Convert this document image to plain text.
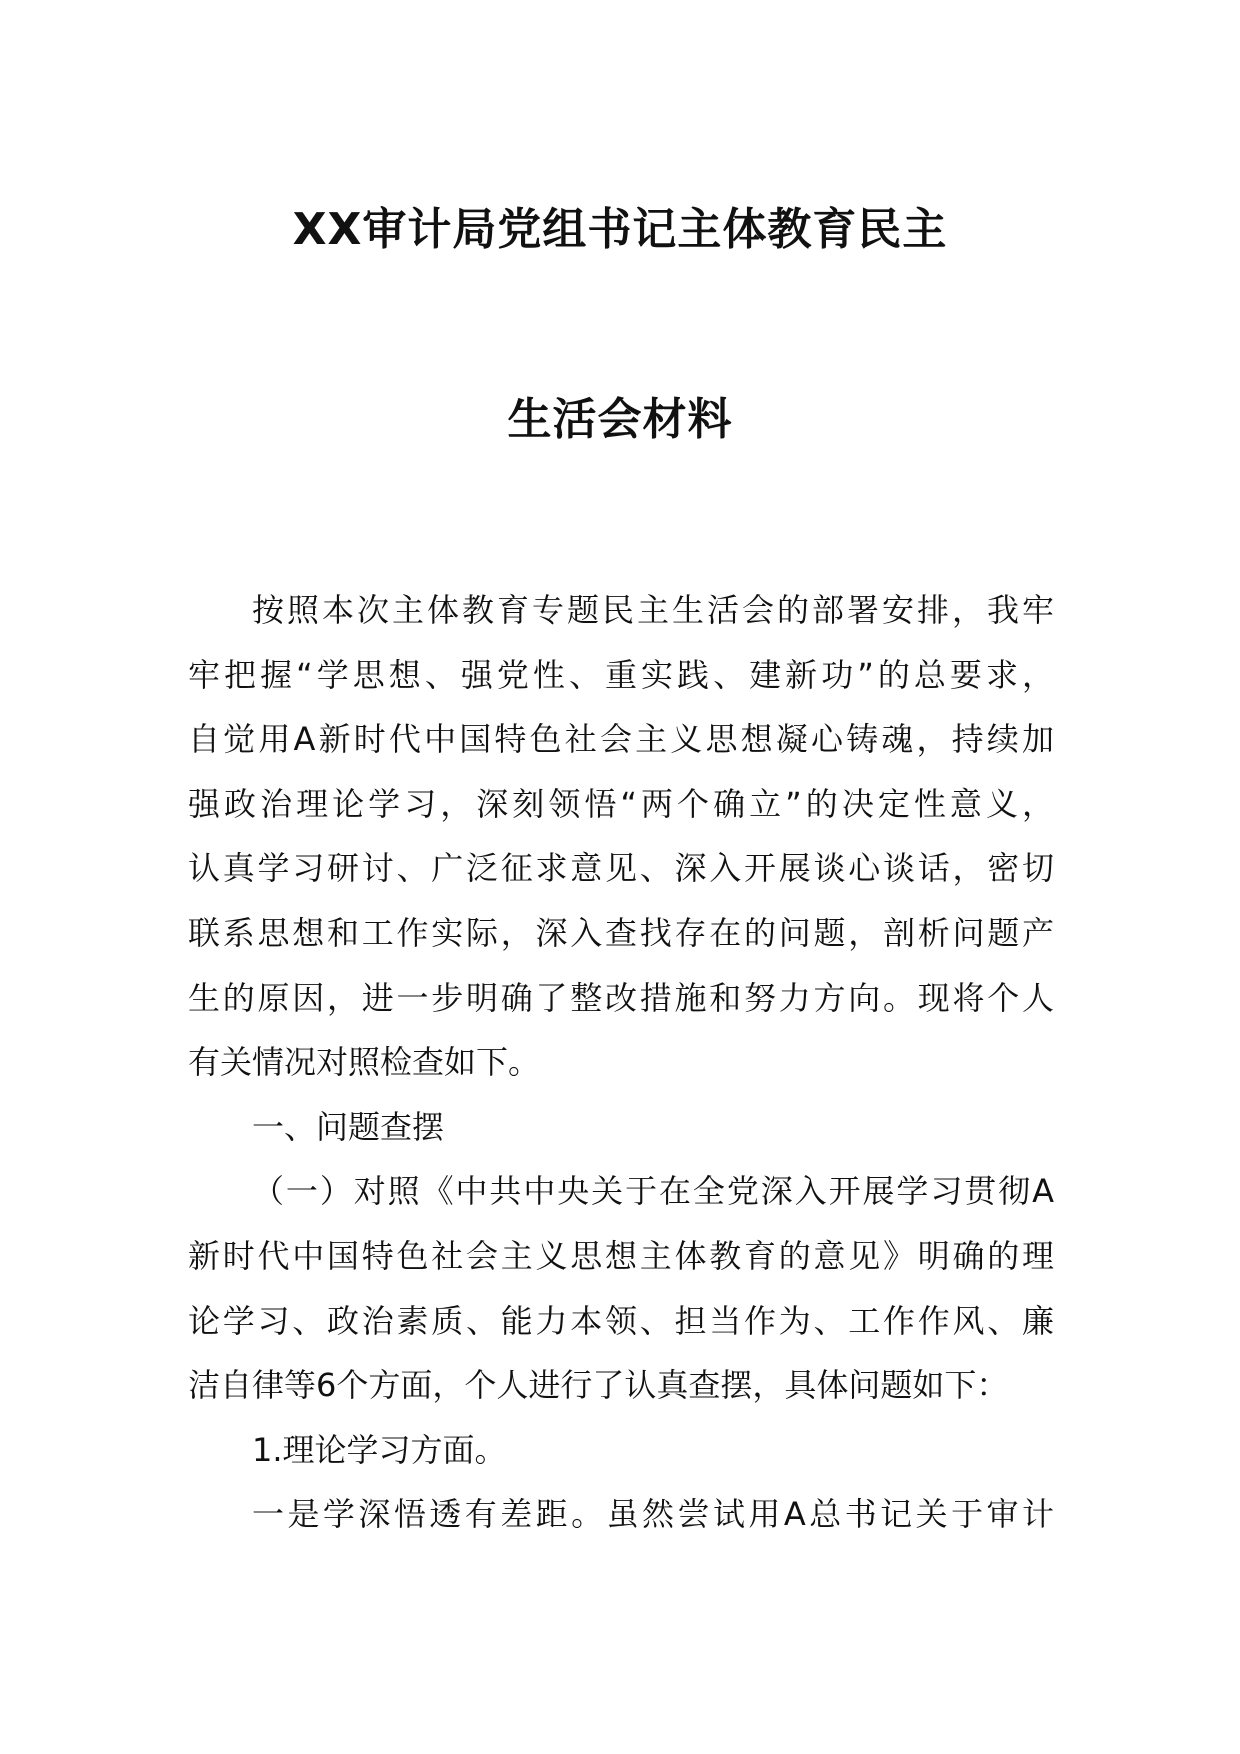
XX审计局党组书记主体教育民主
生活会材料
按照本次主体教育专题民主生活会的部署安排，我牢
牢把握“学思想、强党性、重实践、建新功”的总要求，
自觉用A新时代中国特色社会主义思想凝心铸魂，持续加
强政治理论学习，深刻领悟“两个确立”的决定性意义，
认真学习研讨、广泛征求意见、深入开展谈心谈话，密切
联系思想和工作实际，深入查找存在的问题，剖析问题产
生的原因，进一步明确了整改措施和努力方向。现将个人
有关情况对照检查如下。
一、问题查摆
（一）对照《中共中央关于在全党深入开展学习贯彻A
新时代中国特色社会主义思想主体教育的意见》明确的理
论学习、政治素质、能力本领、担当作为、工作作风、廉
洁自律等6个方面，个人进行了认真查摆，具体问题如下：
1.理论学习方面。
一是学深悟透有差距。虽然尝试用A总书记关于审计
